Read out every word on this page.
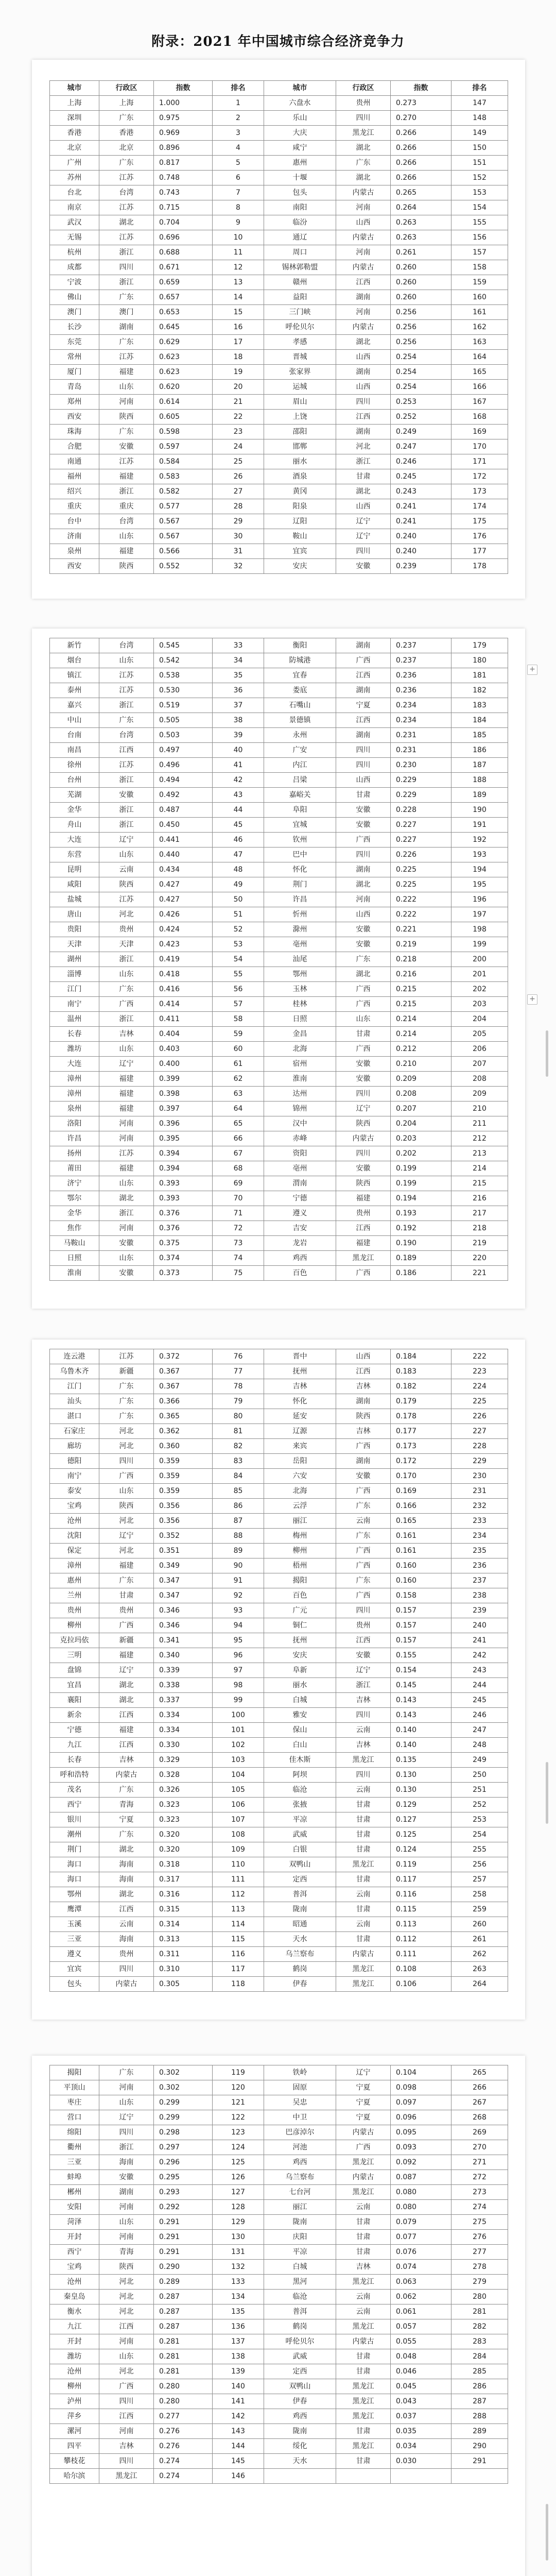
附录：2021 年中国城市综合经济竞争力
城市	行政区	指数	排名	城市	行政区	指数	排名
上海	上海	1.000	1	六盘水	贵州	0.273	147
深圳	广东	0.975	2	乐山	四川	0.270	148
香港	香港	0.969	3	大庆	黑龙江	0.266	149
北京	北京	0.896	4	咸宁	湖北	0.266	150
广州	广东	0.817	5	惠州	广东	0.266	151
苏州	江苏	0.748	6	十堰	湖北	0.266	152
台北	台湾	0.743	7	包头	内蒙古	0.265	153
南京	江苏	0.715	8	南阳	河南	0.264	154
武汉	湖北	0.704	9	临汾	山西	0.263	155
无锡	江苏	0.696	10	通辽	内蒙古	0.263	156
杭州	浙江	0.688	11	周口	河南	0.261	157
成都	四川	0.671	12	锡林郭勒盟	内蒙古	0.260	158
宁波	浙江	0.659	13	赣州	江西	0.260	159
佛山	广东	0.657	14	益阳	湖南	0.260	160
澳门	澳门	0.653	15	三门峡	河南	0.256	161
长沙	湖南	0.645	16	呼伦贝尔	内蒙古	0.256	162
东莞	广东	0.629	17	孝感	湖北	0.256	163
常州	江苏	0.623	18	晋城	山西	0.254	164
厦门	福建	0.623	19	张家界	湖南	0.254	165
青岛	山东	0.620	20	运城	山西	0.254	166
郑州	河南	0.614	21	眉山	四川	0.253	167
西安	陕西	0.605	22	上饶	江西	0.252	168
珠海	广东	0.598	23	邵阳	湖南	0.249	169
合肥	安徽	0.597	24	邯郸	河北	0.247	170
南通	江苏	0.584	25	丽水	浙江	0.246	171
福州	福建	0.583	26	酒泉	甘肃	0.245	172
绍兴	浙江	0.582	27	黄冈	湖北	0.243	173
重庆	重庆	0.577	28	阳泉	山西	0.241	174
台中	台湾	0.567	29	辽阳	辽宁	0.241	175
济南	山东	0.567	30	鞍山	辽宁	0.240	176
泉州	福建	0.566	31	宜宾	四川	0.240	177
西安	陕西	0.552	32	安庆	安徽	0.239	178
新竹	台湾	0.545	33	衡阳	湖南	0.237	179
烟台	山东	0.542	34	防城港	广西	0.237	180
镇江	江苏	0.538	35	宜春	江西	0.236	181
泰州	江苏	0.530	36	娄底	湖南	0.236	182
嘉兴	浙江	0.519	37	石嘴山	宁夏	0.234	183
中山	广东	0.505	38	景德镇	江西	0.234	184
台南	台湾	0.503	39	永州	湖南	0.231	185
南昌	江西	0.497	40	广安	四川	0.231	186
徐州	江苏	0.496	41	内江	四川	0.230	187
台州	浙江	0.494	42	吕梁	山西	0.229	188
芜湖	安徽	0.492	43	嘉峪关	甘肃	0.229	189
金华	浙江	0.487	44	阜阳	安徽	0.228	190
舟山	浙江	0.450	45	宜城	安徽	0.227	191
大连	辽宁	0.441	46	钦州	广西	0.227	192
东营	山东	0.440	47	巴中	四川	0.226	193
昆明	云南	0.434	48	怀化	湖南	0.225	194
咸阳	陕西	0.427	49	荆门	湖北	0.225	195
盐城	江苏	0.427	50	许昌	河南	0.222	196
唐山	河北	0.426	51	忻州	山西	0.222	197
贵阳	贵州	0.424	52	滁州	安徽	0.221	198
天津	天津	0.423	53	亳州	安徽	0.219	199
湖州	浙江	0.419	54	汕尾	广东	0.218	200
淄博	山东	0.418	55	鄂州	湖北	0.216	201
江门	广东	0.416	56	玉林	广西	0.215	202
南宁	广西	0.414	57	桂林	广西	0.215	203
温州	浙江	0.411	58	日照	山东	0.214	204
长春	吉林	0.404	59	金昌	甘肃	0.214	205
潍坊	山东	0.403	60	北海	广西	0.212	206
大连	辽宁	0.400	61	宿州	安徽	0.210	207
漳州	福建	0.399	62	淮南	安徽	0.209	208
漳州	福建	0.398	63	达州	四川	0.208	209
泉州	福建	0.397	64	锦州	辽宁	0.207	210
洛阳	河南	0.396	65	汉中	陕西	0.204	211
许昌	河南	0.395	66	赤峰	内蒙古	0.203	212
扬州	江苏	0.394	67	资阳	四川	0.202	213
莆田	福建	0.394	68	亳州	安徽	0.199	214
济宁	山东	0.393	69	渭南	陕西	0.199	215
鄂尔	湖北	0.393	70	宁德	福建	0.194	216
金华	浙江	0.376	71	遵义	贵州	0.193	217
焦作	河南	0.376	72	吉安	江西	0.192	218
马鞍山	安徽	0.375	73	龙岩	福建	0.190	219
日照	山东	0.374	74	鸡西	黑龙江	0.189	220
淮南	安徽	0.373	75	百色	广西	0.186	221
连云港	江苏	0.372	76	晋中	山西	0.184	222
乌鲁木齐	新疆	0.367	77	抚州	江西	0.183	223
江门	广东	0.367	78	吉林	吉林	0.182	224
汕头	广东	0.366	79	怀化	湖南	0.179	225
湛口	广东	0.365	80	延安	陕西	0.178	226
石家庄	河北	0.362	81	辽源	吉林	0.177	227
廊坊	河北	0.360	82	来宾	广西	0.173	228
德阳	四川	0.359	83	岳阳	湖南	0.172	229
南宁	广西	0.359	84	六安	安徽	0.170	230
泰安	山东	0.359	85	北海	广西	0.169	231
宝鸡	陕西	0.356	86	云浮	广东	0.166	232
沧州	河北	0.356	87	丽江	云南	0.165	233
沈阳	辽宁	0.352	88	梅州	广东	0.161	234
保定	河北	0.351	89	柳州	广西	0.161	235
漳州	福建	0.349	90	梧州	广西	0.160	236
惠州	广东	0.347	91	揭阳	广东	0.160	237
兰州	甘肃	0.347	92	百色	广西	0.158	238
贵州	贵州	0.346	93	广元	四川	0.157	239
柳州	广西	0.346	94	铜仁	贵州	0.157	240
克拉玛依	新疆	0.341	95	抚州	江西	0.157	241
三明	福建	0.340	96	安庆	安徽	0.155	242
盘锦	辽宁	0.339	97	阜新	辽宁	0.154	243
宜昌	湖北	0.338	98	丽水	浙江	0.145	244
襄阳	湖北	0.337	99	白城	吉林	0.143	245
新余	江西	0.334	100	雅安	四川	0.143	246
宁德	福建	0.334	101	保山	云南	0.140	247
九江	江西	0.330	102	白山	吉林	0.140	248
长春	吉林	0.329	103	佳木斯	黑龙江	0.135	249
呼和浩特	内蒙古	0.328	104	阿坝	四川	0.130	250
茂名	广东	0.326	105	临沧	云南	0.130	251
西宁	青海	0.323	106	张掖	甘肃	0.129	252
银川	宁夏	0.323	107	平凉	甘肃	0.127	253
潮州	广东	0.320	108	武威	甘肃	0.125	254
荆门	湖北	0.320	109	白银	甘肃	0.124	255
海口	海南	0.318	110	双鸭山	黑龙江	0.119	256
海口	海南	0.317	111	定西	甘肃	0.117	257
鄂州	湖北	0.316	112	普洱	云南	0.116	258
鹰潭	江西	0.315	113	陇南	甘肃	0.115	259
玉溪	云南	0.314	114	昭通	云南	0.113	260
三亚	海南	0.313	115	天水	甘肃	0.112	261
遵义	贵州	0.311	116	乌兰察布	内蒙古	0.111	262
宜宾	四川	0.310	117	鹤岗	黑龙江	0.108	263
包头	内蒙古	0.305	118	伊春	黑龙江	0.106	264
揭阳	广东	0.302	119	铁岭	辽宁	0.104	265
平顶山	河南	0.302	120	固原	宁夏	0.098	266
枣庄	山东	0.299	121	吴忠	宁夏	0.097	267
营口	辽宁	0.299	122	中卫	宁夏	0.096	268
绵阳	四川	0.298	123	巴彦淖尔	内蒙古	0.095	269
衢州	浙江	0.297	124	河池	广西	0.093	270
三亚	海南	0.296	125	鸡西	黑龙江	0.092	271
蚌埠	安徽	0.295	126	乌兰察布	内蒙古	0.087	272
郴州	湖南	0.293	127	七台河	黑龙江	0.080	273
安阳	河南	0.292	128	丽江	云南	0.080	274
菏泽	山东	0.291	129	陇南	甘肃	0.079	275
开封	河南	0.291	130	庆阳	甘肃	0.077	276
西宁	青海	0.291	131	平凉	甘肃	0.076	277
宝鸡	陕西	0.290	132	白城	吉林	0.074	278
沧州	河北	0.289	133	黑河	黑龙江	0.063	279
秦皇岛	河北	0.287	134	临沧	云南	0.062	280
衡水	河北	0.287	135	普洱	云南	0.061	281
九江	江西	0.287	136	鹤岗	黑龙江	0.057	282
开封	河南	0.281	137	呼伦贝尔	内蒙古	0.055	283
潍坊	山东	0.281	138	武威	甘肃	0.048	284
沧州	河北	0.281	139	定西	甘肃	0.046	285
柳州	广西	0.280	140	双鸭山	黑龙江	0.045	286
泸州	四川	0.280	141	伊春	黑龙江	0.043	287
萍乡	江西	0.277	142	鸡西	黑龙江	0.037	288
漯河	河南	0.276	143	陇南	甘肃	0.035	289
四平	吉林	0.276	144	绥化	黑龙江	0.034	290
攀枝花	四川	0.274	145	天水	甘肃	0.030	291
哈尔滨	黑龙江	0.274	146				
+
+
